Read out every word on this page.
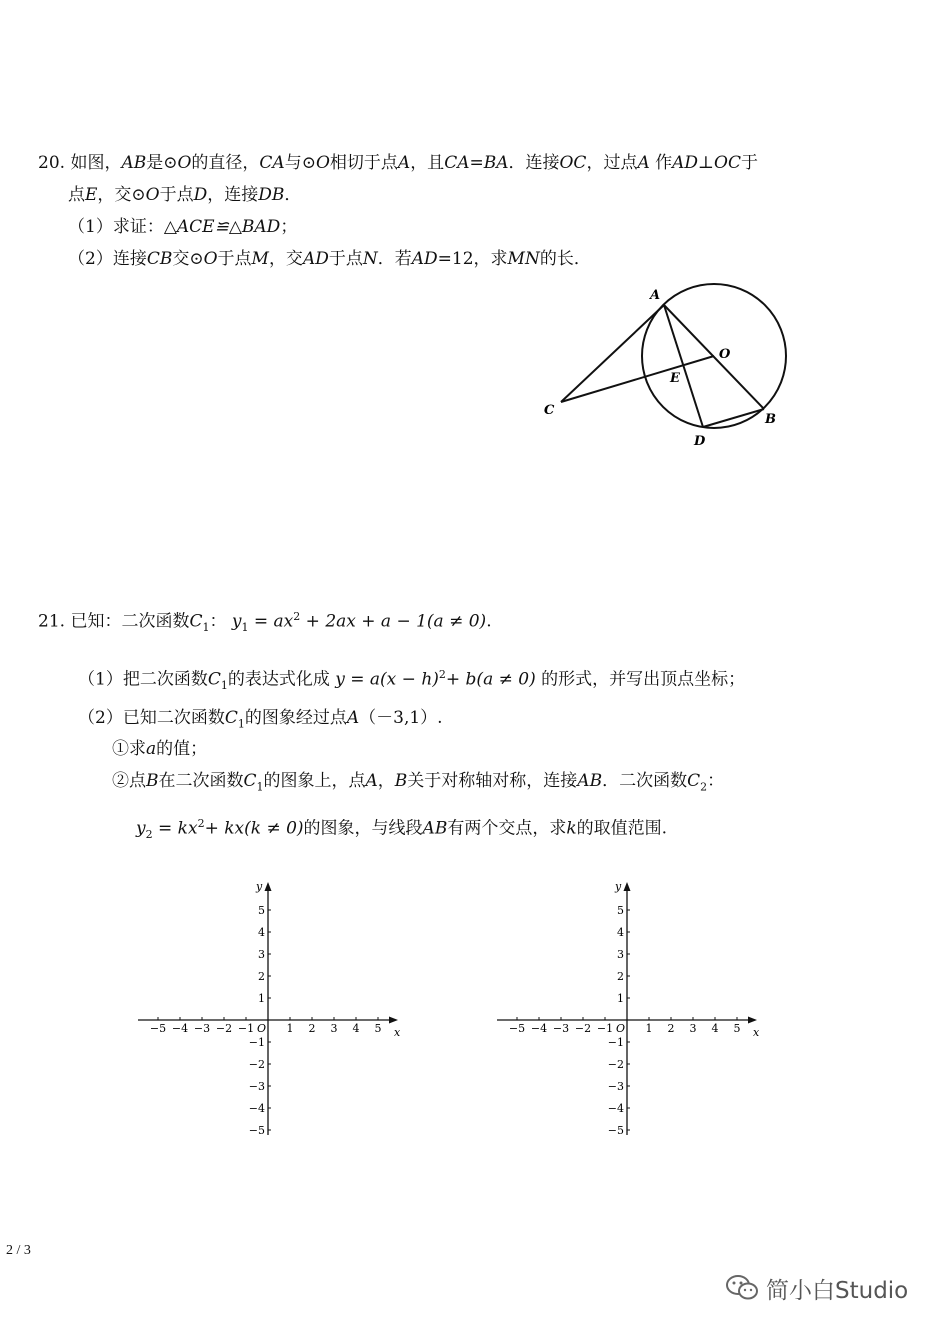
20. 如图，AB是⊙O的直径，CA与⊙O相切于点A，且CA=BA．连接OC，过点A 作AD⊥OC于
点E，交⊙O于点D，连接DB．
（1）求证：△ACE≌△BAD；
（2）连接CB交⊙O于点M，交AD于点N．若AD=12，求MN的长．
A
O
E
C
B
D
21. 已知：二次函数$C_1$： $y_1 = ax^2 + 2ax + a - 1(a \ne 0)$.
（1）把二次函数$C_1$的表达式化成 $y = a(x - h)^2+ b(a \ne 0)$ 的形式，并写出顶点坐标；
（2）已知二次函数$C_1$的图象经过点A（－3,1）.
①求a的值；
②点B在二次函数$C_1$的图象上，点A，B关于对称轴对称，连接AB．二次函数$C_2$：
$y_2 = kx^2+ kx(k \ne 0)$的图象，与线段AB有两个交点，求k的取值范围.
x
y
O
−5 −4 −3 −2 −1	1 2 3 4 5
5
4
3
2
1
−1
−2
−3
−4
−5
x
y
O
−5 −4 −3 −2 −1	1 2 3 4 5
5
4
3
2
1
−1
−2
−3
−4
−5
2 / 3
简小白Studio
